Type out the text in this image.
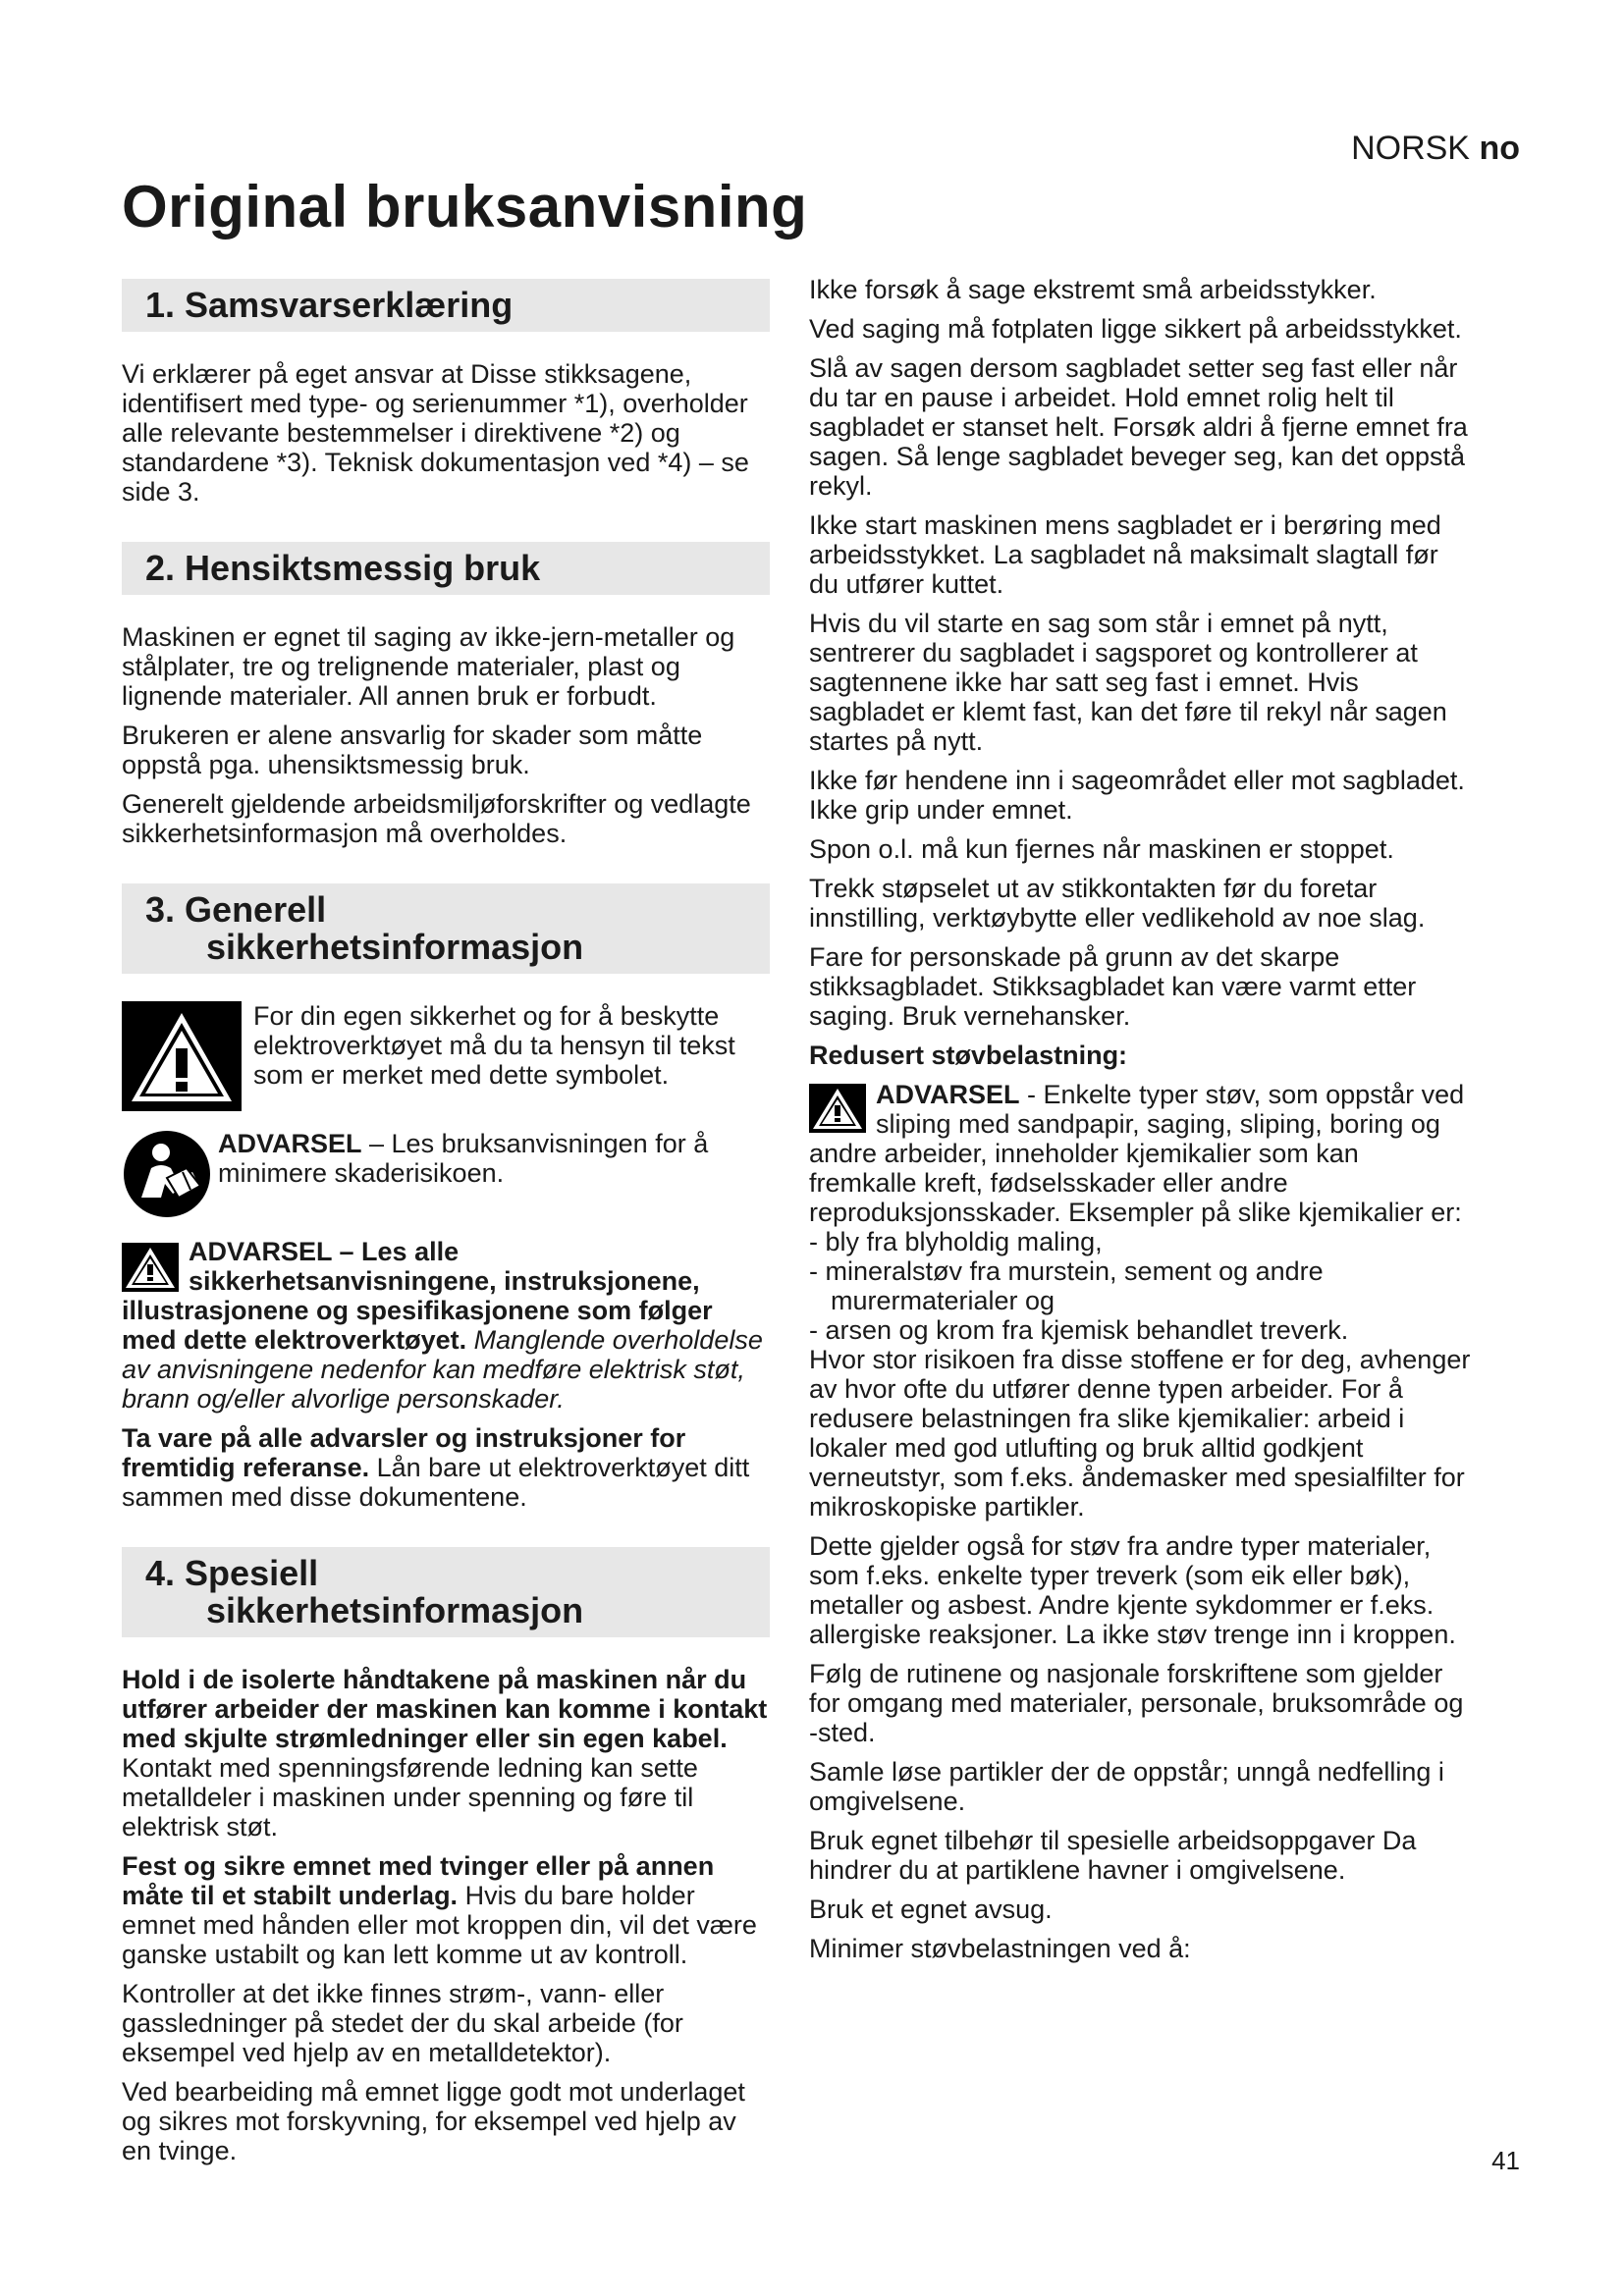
NORSK no
Original bruksanvisning
1. Samsvarserklæring

Vi erklærer på eget ansvar at Disse stikksagene, identifisert med type- og serienummer *1), overholder alle relevante bestemmelser i direktivene *2) og standardene *3). Teknisk dokumentasjon ved *4) – se side 3.

2. Hensiktsmessig bruk

Maskinen er egnet til saging av ikke-jern-metaller og stålplater, tre og trelignende materialer, plast og lignende materialer. All annen bruk er forbudt.

Brukeren er alene ansvarlig for skader som måtte oppstå pga. uhensiktsmessig bruk.

Generelt gjeldende arbeidsmiljøforskrifter og vedlagte sikkerhetsinformasjon må overholdes.

3. Generell
sikkerhetsinformasjon
For din egen sikkerhet og for å beskytte elektroverktøyet må du ta hensyn til tekst som er merket med dette symbolet.
ADVARSEL – Les bruksanvisningen for å minimere skaderisikoen.

ADVARSEL – Les alle sikkerhetsanvisningene, instruksjonene, illustrasjonene og spesifikasjonene som følger med dette elektroverktøyet. Manglende overholdelse av anvisningene nedenfor kan medføre elektrisk støt, brann og/eller alvorlige personskader.

Ta vare på alle advarsler og instruksjoner for fremtidig referanse. Lån bare ut elektroverktøyet ditt sammen med disse dokumentene.

4. Spesiell
sikkerhetsinformasjon

Hold i de isolerte håndtakene på maskinen når du utfører arbeider der maskinen kan komme i kontakt med skjulte strømledninger eller sin egen kabel. Kontakt med spenningsførende ledning kan sette metalldeler i maskinen under spenning og føre til elektrisk støt.

Fest og sikre emnet med tvinger eller på annen måte til et stabilt underlag. Hvis du bare holder emnet med hånden eller mot kroppen din, vil det være ganske ustabilt og kan lett komme ut av kontroll.

Kontroller at det ikke finnes strøm-, vann- eller gassledninger på stedet der du skal arbeide (for eksempel ved hjelp av en metalldetektor).

Ved bearbeiding må emnet ligge godt mot underlaget og sikres mot forskyvning, for eksempel ved hjelp av en tvinge.

Ikke forsøk å sage ekstremt små arbeidsstykker.

Ved saging må fotplaten ligge sikkert på arbeidsstykket.

Slå av sagen dersom sagbladet setter seg fast eller når du tar en pause i arbeidet. Hold emnet rolig helt til sagbladet er stanset helt. Forsøk aldri å fjerne emnet fra sagen. Så lenge sagbladet beveger seg, kan det oppstå rekyl.

Ikke start maskinen mens sagbladet er i berøring med arbeidsstykket. La sagbladet nå maksimalt slagtall før du utfører kuttet.

Hvis du vil starte en sag som står i emnet på nytt, sentrerer du sagbladet i sagsporet og kontrollerer at sagtennene ikke har satt seg fast i emnet. Hvis sagbladet er klemt fast, kan det føre til rekyl når sagen startes på nytt.

Ikke før hendene inn i sageområdet eller mot sagbladet. Ikke grip under emnet.

Spon o.l. må kun fjernes når maskinen er stoppet.

Trekk støpselet ut av stikkontakten før du foretar innstilling, verktøybytte eller vedlikehold av noe slag.

Fare for personskade på grunn av det skarpe stikksagbladet. Stikksagbladet kan være varmt etter saging. Bruk vernehansker.

Redusert støvbelastning:

ADVARSEL - Enkelte typer støv, som oppstår ved sliping med sandpapir, saging, sliping, boring og andre arbeider, inneholder kjemikalier som kan fremkalle kreft, fødselsskader eller andre reproduksjonsskader. Eksempler på slike kjemikalier er:
- bly fra blyholdig maling,
- mineralstøv fra murstein, sement og andre
murermaterialer og
- arsen og krom fra kjemisk behandlet treverk.

Hvor stor risikoen fra disse stoffene er for deg, avhenger av hvor ofte du utfører denne typen arbeider. For å redusere belastningen fra slike kjemikalier: arbeid i lokaler med god utlufting og bruk alltid godkjent verneutstyr, som f.eks. åndemasker med spesialfilter for mikroskopiske partikler.

Dette gjelder også for støv fra andre typer materialer, som f.eks. enkelte typer treverk (som eik eller bøk), metaller og asbest. Andre kjente sykdommer er f.eks. allergiske reaksjoner. La ikke støv trenge inn i kroppen.

Følg de rutinene og nasjonale forskriftene som gjelder for omgang med materialer, personale, bruksområde og -sted.

Samle løse partikler der de oppstår; unngå nedfelling i omgivelsene.

Bruk egnet tilbehør til spesielle arbeidsoppgaver Da hindrer du at partiklene havner i omgivelsene.

Bruk et egnet avsug.

Minimer støvbelastningen ved å:

41
